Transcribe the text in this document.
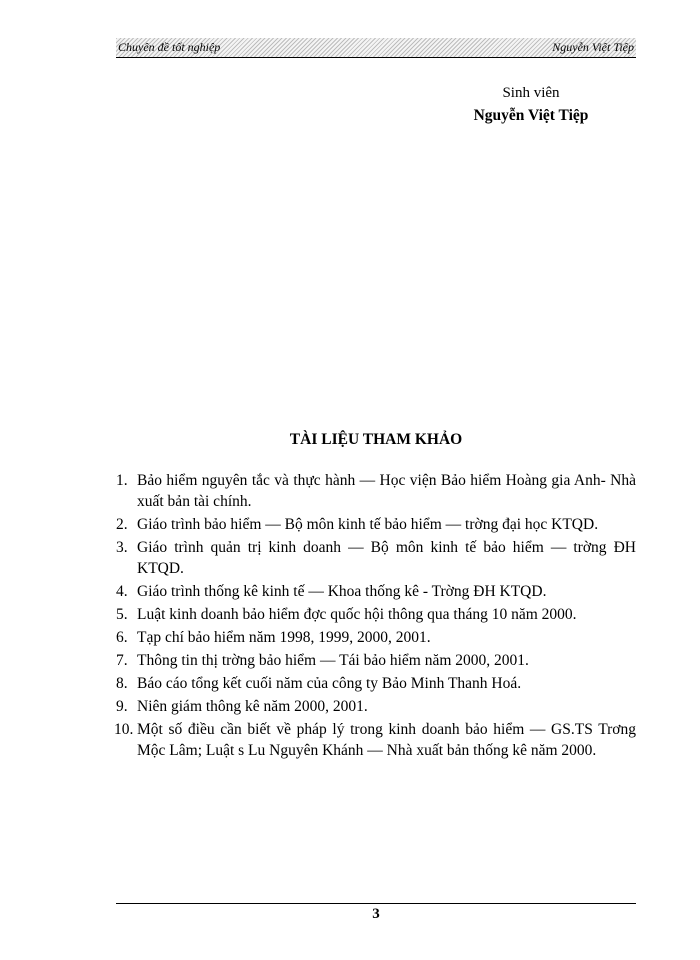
Chuyên đề tốt nghiệp	Nguyễn Việt Tiệp
Sinh viên
Nguyễn Việt Tiệp
TÀI LIỆU THAM KHẢO
1. Bảo hiểm nguyên tắc và thực hành — Học viện Bảo hiểm Hoàng gia Anh- Nhà xuất bản tài chính.
2. Giáo trình bảo hiểm — Bộ môn kinh tế bảo hiểm — trờng đại học KTQD.
3. Giáo trình quản trị kinh doanh — Bộ môn kinh tế bảo hiểm — trờng ĐH KTQD.
4. Giáo trình thống kê kinh tế — Khoa thống kê - Trờng ĐH KTQD.
5. Luật kinh doanh bảo hiểm đợc quốc hội thông qua tháng 10 năm 2000.
6. Tạp chí bảo hiểm năm 1998, 1999, 2000, 2001.
7. Thông tin thị trờng bảo hiểm — Tái bảo hiểm năm 2000, 2001.
8. Báo cáo tổng kết cuối năm của công ty Bảo Minh Thanh Hoá.
9. Niên giám thông kê năm 2000, 2001.
10. Một số điều cần biết về pháp lý trong kinh doanh bảo hiểm — GS.TS Trơng Mộc Lâm; Luật s Lu Nguyên Khánh — Nhà xuất bản thống kê năm 2000.
3
